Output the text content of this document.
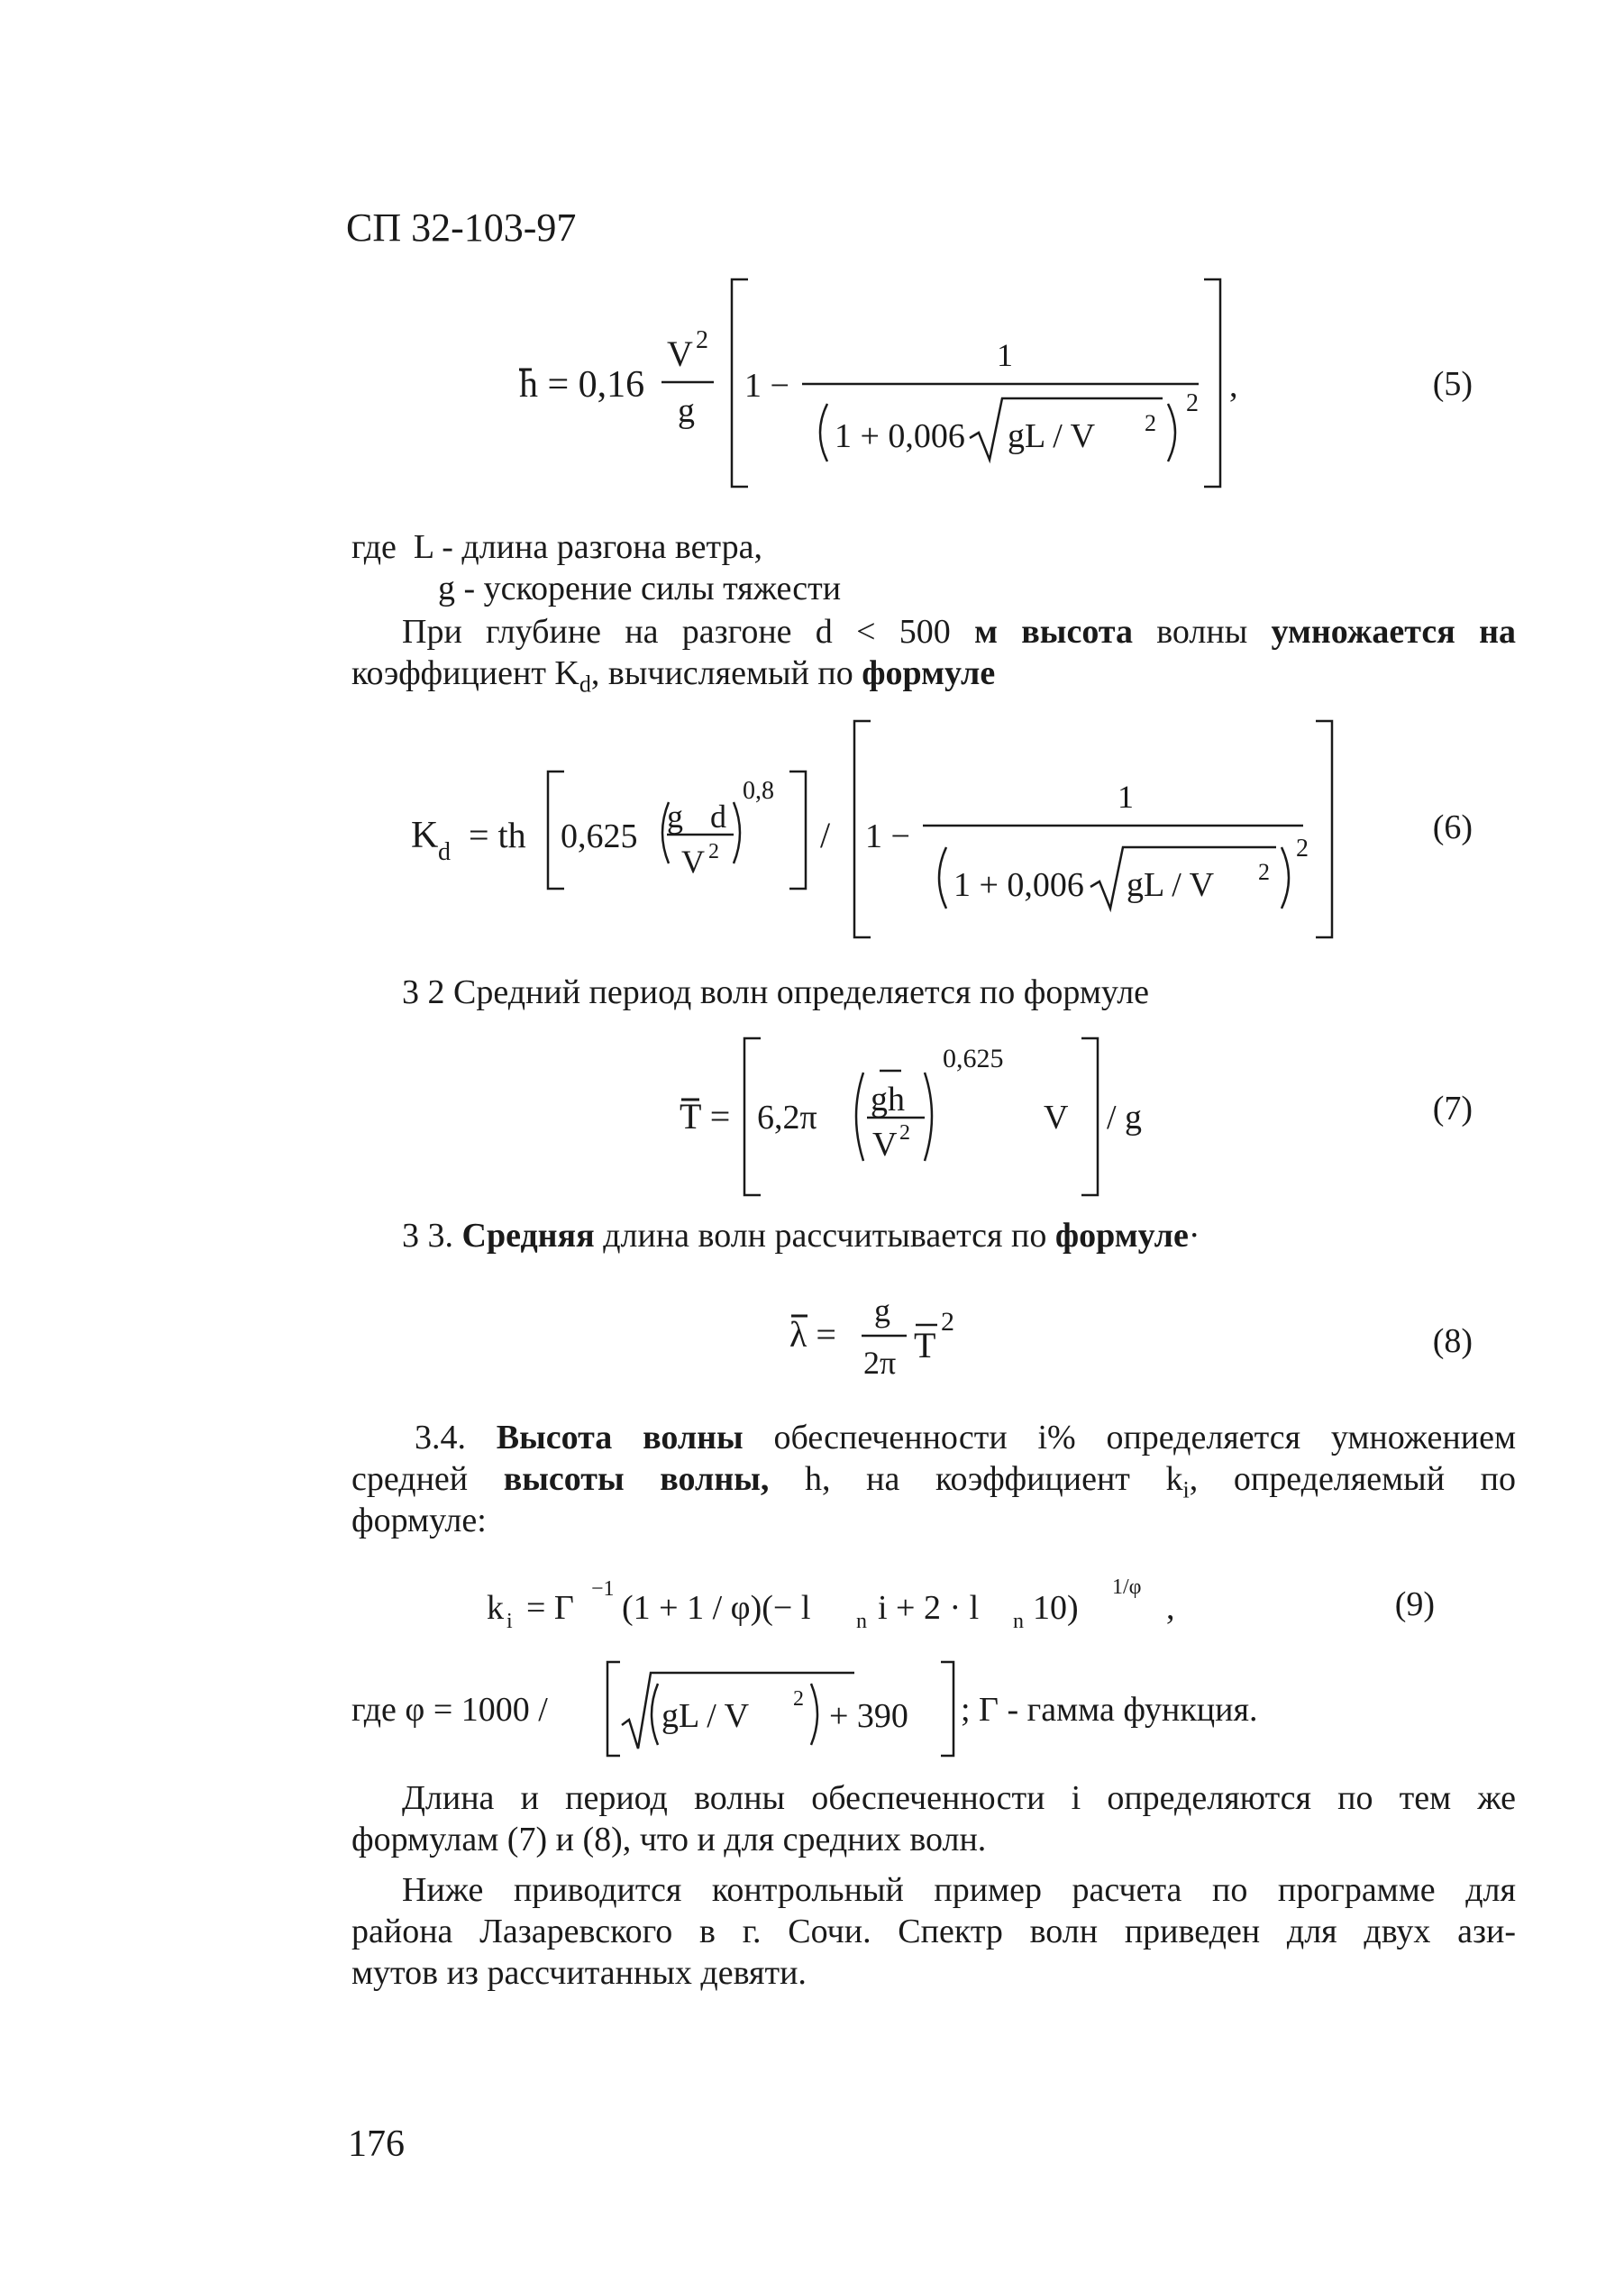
СП 32-103-97
h = 0,16
V 2
g
1 −
1
1 + 0,006 gL / V 2
2 ,	(5)
где L - длина разгона ветра,
g - ускорение силы тяжести
При глубине на разгоне d < 500 м высота волны умножается на
коэффициент $K_d$, вычисляемый по формуле
K d = th 0,625
g d
V 2
0,8
/ 1 −
1
1 + 0,006 gL / V 2
2
(6)
3 2 Средний период волн определяется по формуле
T = 6,2π gh
V 2
0,625
V / g	(7)
3 3. Средняя длина волн рассчитывается по формуле·
λ =
g
2π T
2
(8)
3.4. Высота волны обеспеченности i% определяется умножением
средней высоты волны, h, на коэффициент $k_i$, определяемый по
формуле:
k i = Г −1 (1 + 1 / φ)(− l n i + 2 · l n 10)
1/φ
,	(9)
где φ = 1000 /	gL / V 2 + 390 ; Г - гамма функция.
Длина и период волны обеспеченности i определяются по тем же
формулам (7) и (8), что и для средних волн.
Ниже приводится контрольный пример расчета по программе для
района Лазаревского в г. Сочи. Спектр волн приведен для двух ази-
мутов из рассчитанных девяти.
176
